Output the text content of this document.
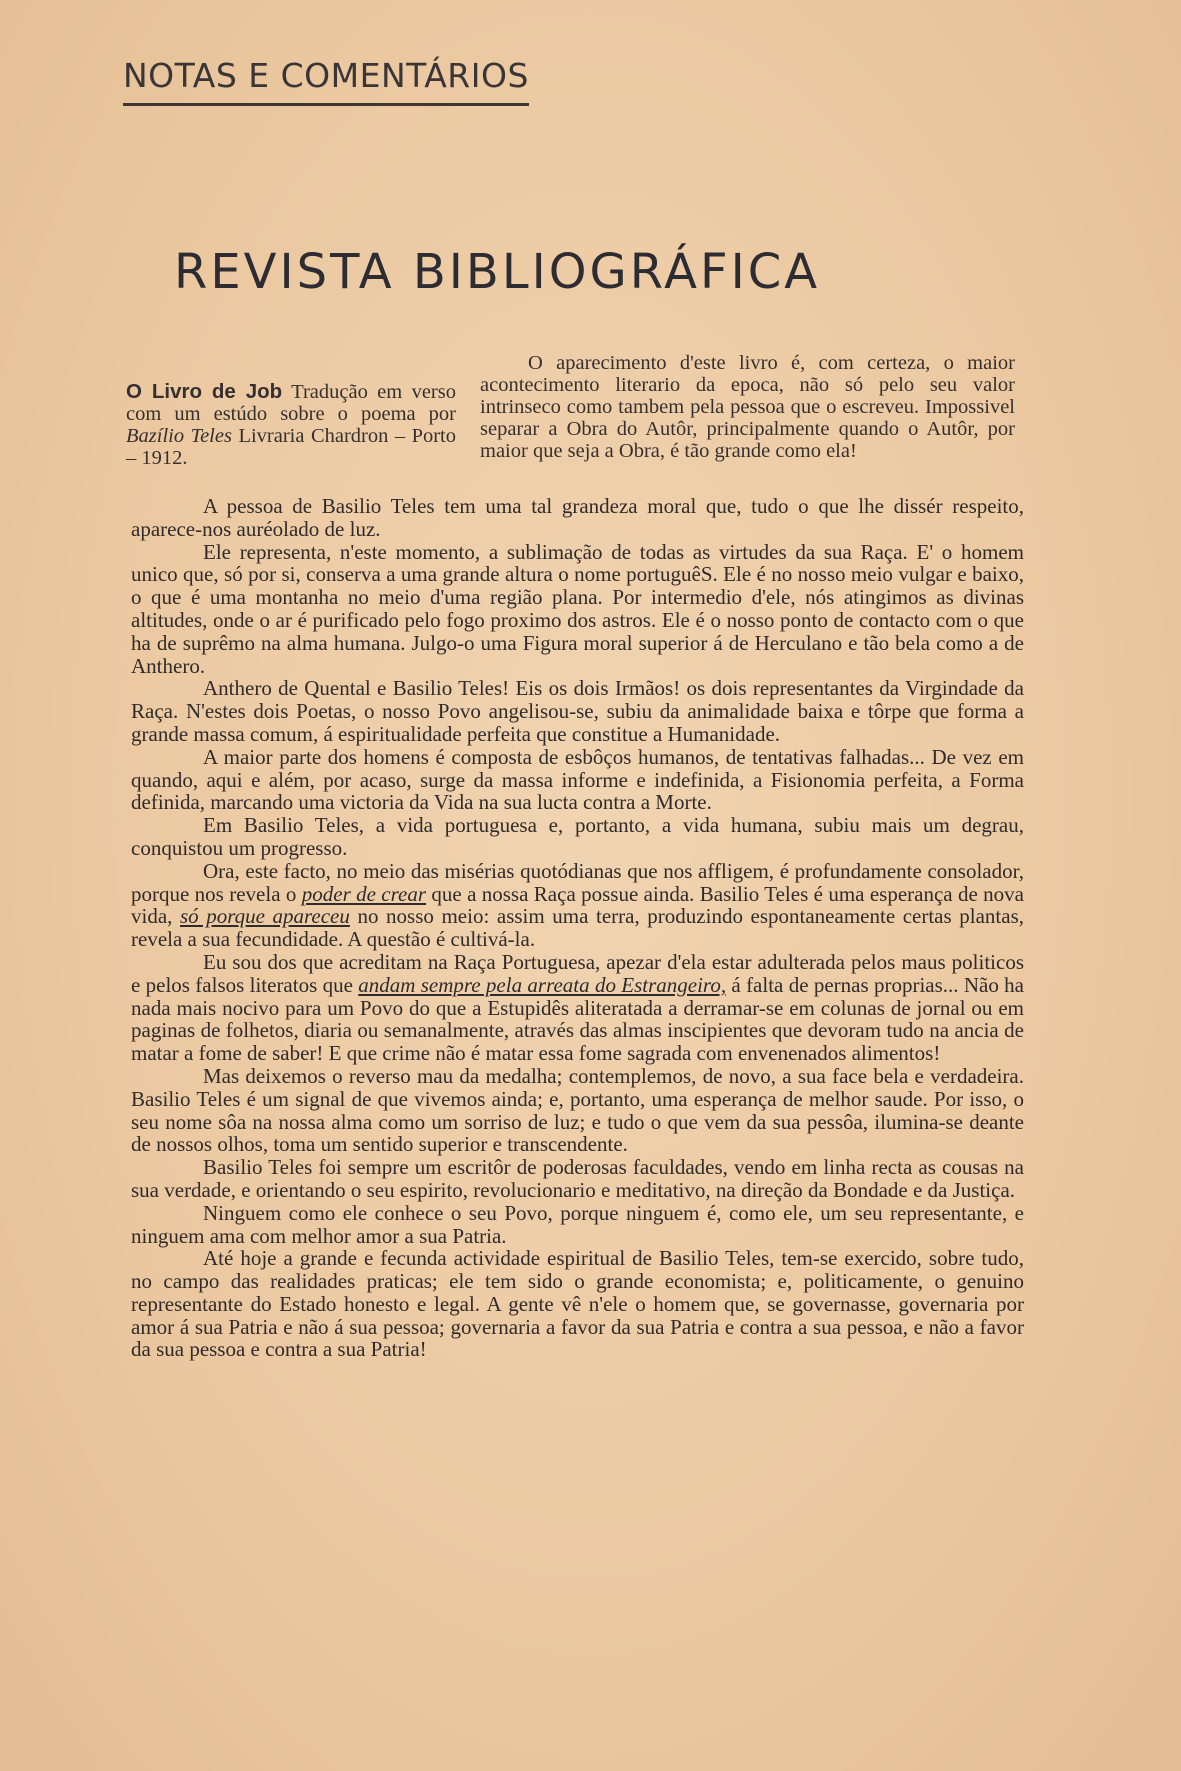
NOTAS E COMENTÁRIOS
REVISTA BIBLIOGRÁFICA
O Livro de Job Tradução em verso com um estúdo sobre o poema por Bazílio Teles Livraria Chardron – Porto – 1912.

O aparecimento d'este livro é, com certeza, o maior acontecimento literario da epoca, não só pelo seu valor intrinseco como tambem pela pessoa que o escreveu. Impossivel separar a Obra do Autôr, principalmente quando o Autôr, por maior que seja a Obra, é tão grande como ela!

A pessoa de Basilio Teles tem uma tal grandeza moral que, tudo o que lhe dissér respeito, aparece-nos auréolado de luz.

Ele representa, n'este momento, a sublimação de todas as virtudes da sua Raça. E' o homem unico que, só por si, conserva a uma grande altura o nome portuguêS. Ele é no nosso meio vulgar e baixo, o que é uma montanha no meio d'uma região plana. Por intermedio d'ele, nós atingimos as divinas altitudes, onde o ar é purificado pelo fogo proximo dos astros. Ele é o nosso ponto de contacto com o que ha de suprêmo na alma humana. Julgo-o uma Figura moral superior á de Herculano e tão bela como a de Anthero.

Anthero de Quental e Basilio Teles! Eis os dois Irmãos! os dois representantes da Virgindade da Raça. N'estes dois Poetas, o nosso Povo angelisou-se, subiu da animalidade baixa e tôrpe que forma a grande massa comum, á espiritualidade perfeita que constitue a Humanidade.

A maior parte dos homens é composta de esbôços humanos, de tentativas falhadas... De vez em quando, aqui e além, por acaso, surge da massa informe e indefinida, a Fisionomia perfeita, a Forma definida, marcando uma victoria da Vida na sua lucta contra a Morte.

Em Basilio Teles, a vida portuguesa e, portanto, a vida humana, subiu mais um degrau, conquistou um progresso.

Ora, este facto, no meio das misérias quotódianas que nos affligem, é profundamente consolador, porque nos revela o poder de crear que a nossa Raça possue ainda. Basilio Teles é uma esperança de nova vida, só porque apareceu no nosso meio: assim uma terra, produzindo espontaneamente certas plantas, revela a sua fecundidade. A questão é cultivá-la.

Eu sou dos que acreditam na Raça Portuguesa, apezar d'ela estar adulterada pelos maus politicos e pelos falsos literatos que andam sempre pela arreata do Estrangeiro, á falta de pernas proprias... Não ha nada mais nocivo para um Povo do que a Estupidês aliteratada a derramar-se em colunas de jornal ou em paginas de folhetos, diaria ou semanalmente, através das almas inscipientes que devoram tudo na ancia de matar a fome de saber! E que crime não é matar essa fome sagrada com envenenados alimentos!

Mas deixemos o reverso mau da medalha; contemplemos, de novo, a sua face bela e verdadeira. Basilio Teles é um signal de que vivemos ainda; e, portanto, uma esperança de melhor saude. Por isso, o seu nome sôa na nossa alma como um sorriso de luz; e tudo o que vem da sua pessôa, ilumina-se deante de nossos olhos, toma um sentido superior e transcendente.

Basilio Teles foi sempre um escritôr de poderosas faculdades, vendo em linha recta as cousas na sua verdade, e orientando o seu espirito, revolucionario e meditativo, na direção da Bondade e da Justiça.

Ninguem como ele conhece o seu Povo, porque ninguem é, como ele, um seu representante, e ninguem ama com melhor amor a sua Patria.

Até hoje a grande e fecunda actividade espiritual de Basilio Teles, tem-se exercido, sobre tudo, no campo das realidades praticas; ele tem sido o grande economista; e, politicamente, o genuino representante do Estado honesto e legal. A gente vê n'ele o homem que, se governasse, governaria por amor á sua Patria e não á sua pessoa; governaria a favor da sua Patria e contra a sua pessoa, e não a favor da sua pessoa e contra a sua Patria!
